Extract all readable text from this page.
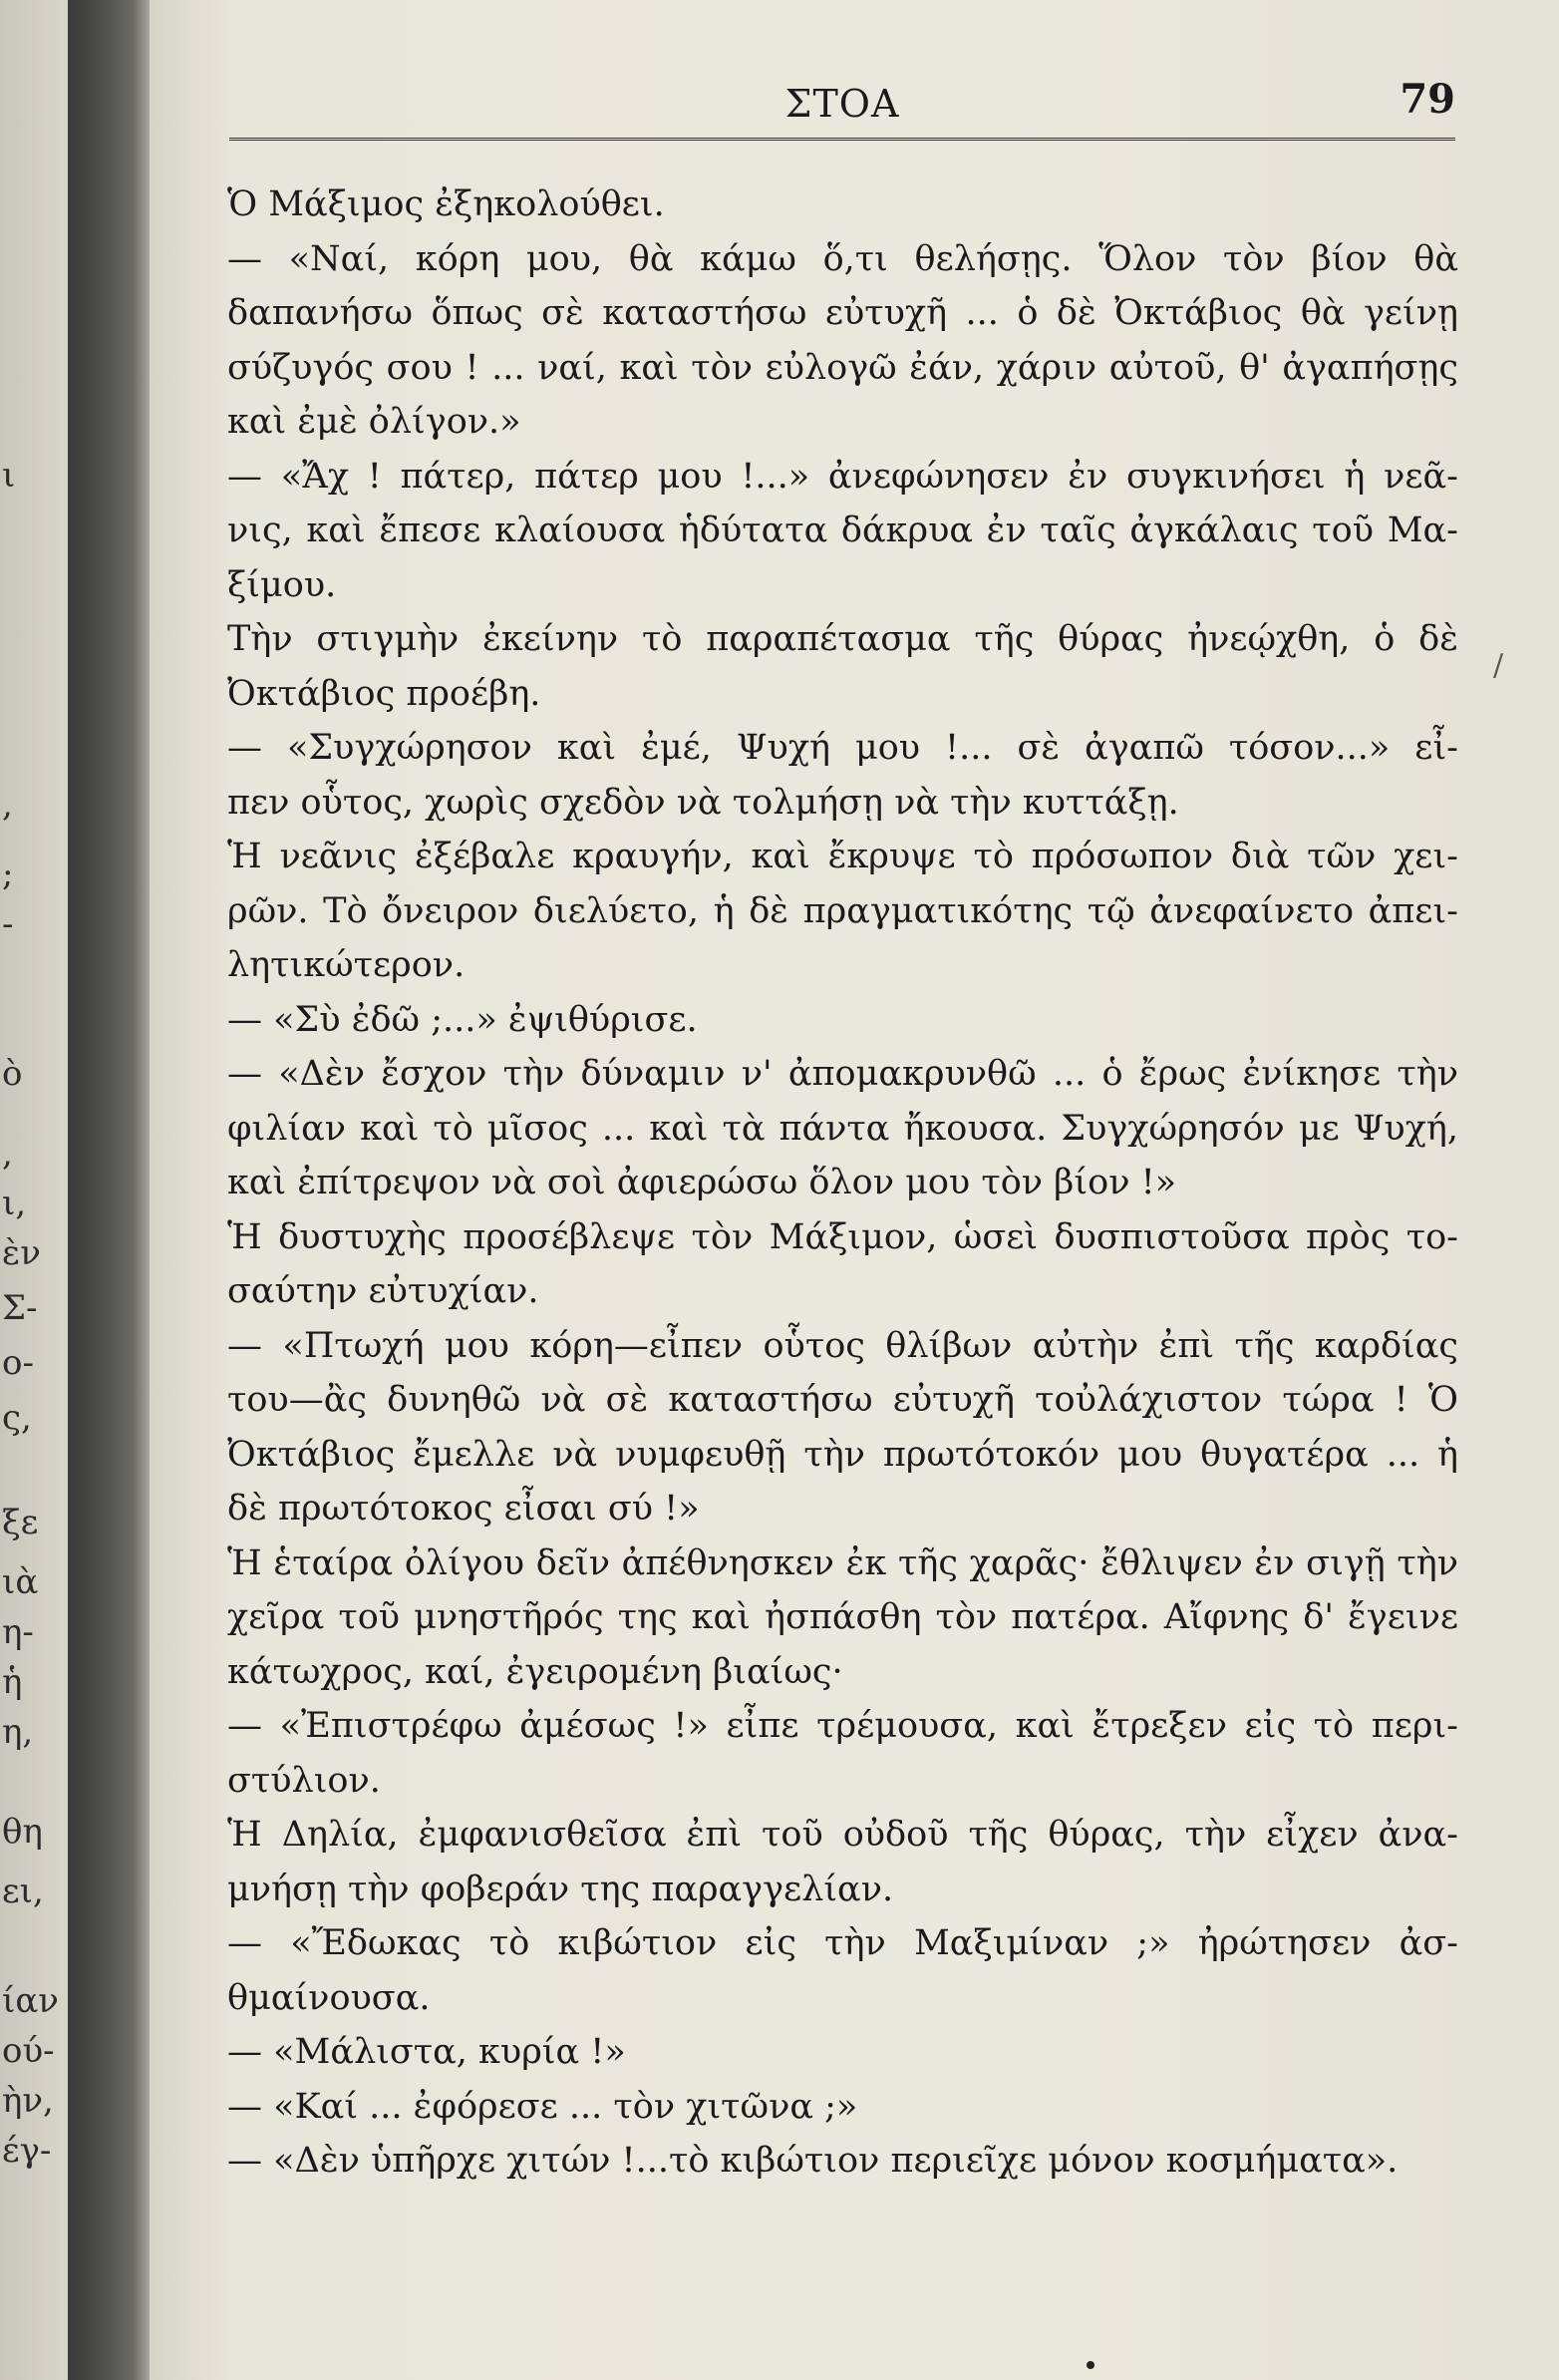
ι
,
;
-
ὸ
,
ι,
ὲν
Σ-
ο-
ς,
ξε
ιὰ
η-
ἡ
η,
θη
ει,
ίαν
ού-
ὴν,
έγ-
ΣΤΟΑ	79
Ὁ Μάξιμος ἐξηκολούθει.
— «Ναί, κόρη μου, θὰ κάμω ὅ,τι θελήσῃς. Ὅλον τὸν βίον θὰ
δαπανήσω ὅπως σὲ καταστήσω εὐτυχῆ ... ὁ δὲ Ὀκτάβιος θὰ γείνῃ
σύζυγός σου ! ... ναί, καὶ τὸν εὐλογῶ ἐάν, χάριν αὐτοῦ, θ' ἀγαπήσῃς
καὶ ἐμὲ ὀλίγον.»
— «Ἄχ ! πάτερ, πάτερ μου !...» ἀνεφώνησεν ἐν συγκινήσει ἡ νεᾶ-
νις, καὶ ἔπεσε κλαίουσα ἡδύτατα δάκρυα ἐν ταῖς ἀγκάλαις τοῦ Μα-
ξίμου.
Τὴν στιγμὴν ἐκείνην τὸ παραπέτασμα τῆς θύρας ἠνεῴχθη, ὁ δὲ
Ὀκτάβιος προέβη.
— «Συγχώρησον καὶ ἐμέ, Ψυχή μου !... σὲ ἀγαπῶ τόσον...» εἶ-
πεν οὗτος, χωρὶς σχεδὸν νὰ τολμήσῃ νὰ τὴν κυττάξῃ.
Ἡ νεᾶνις ἐξέβαλε κραυγήν, καὶ ἔκρυψε τὸ πρόσωπον διὰ τῶν χει-
ρῶν. Τὸ ὄνειρον διελύετο, ἡ δὲ πραγματικότης τῷ ἀνεφαίνετο ἀπει-
λητικώτερον.
— «Σὺ ἐδῶ ;...» ἐψιθύρισε.
— «Δὲν ἔσχον τὴν δύναμιν ν' ἀπομακρυνθῶ ... ὁ ἔρως ἐνίκησε τὴν
φιλίαν καὶ τὸ μῖσος ... καὶ τὰ πάντα ἤκουσα. Συγχώρησόν με Ψυχή,
καὶ ἐπίτρεψον νὰ σοὶ ἀφιερώσω ὅλον μου τὸν βίον !»
Ἡ δυστυχὴς προσέβλεψε τὸν Μάξιμον, ὡσεὶ δυσπιστοῦσα πρὸς το-
σαύτην εὐτυχίαν.
— «Πτωχή μου κόρη—εἶπεν οὗτος θλίβων αὐτὴν ἐπὶ τῆς καρδίας
του—ἂς δυνηθῶ νὰ σὲ καταστήσω εὐτυχῆ τοὐλάχιστον τώρα ! Ὁ
Ὀκτάβιος ἔμελλε νὰ νυμφευθῇ τὴν πρωτότοκόν μου θυγατέρα ... ἡ
δὲ πρωτότοκος εἶσαι σύ !»
Ἡ ἑταίρα ὀλίγου δεῖν ἀπέθνησκεν ἐκ τῆς χαρᾶς· ἔθλιψεν ἐν σιγῇ τὴν
χεῖρα τοῦ μνηστῆρός της καὶ ἠσπάσθη τὸν πατέρα. Αἴφνης δ' ἔγεινε
κάτωχρος, καί, ἐγειρομένη βιαίως·
— «Ἐπιστρέφω ἀμέσως !» εἶπε τρέμουσα, καὶ ἔτρεξεν εἰς τὸ περι-
στύλιον.
Ἡ Δηλία, ἐμφανισθεῖσα ἐπὶ τοῦ οὐδοῦ τῆς θύρας, τὴν εἶχεν ἀνα-
μνήσῃ τὴν φοβεράν της παραγγελίαν.
— «Ἔδωκας τὸ κιβώτιον εἰς τὴν Μαξιμίναν ;» ἠρώτησεν ἀσ-
θμαίνουσα.
— «Μάλιστα, κυρία !»
— «Καί ... ἐφόρεσε ... τὸν χιτῶνα ;»
— «Δὲν ὑπῆρχε χιτών !...τὸ κιβώτιον περιεῖχε μόνον κοσμήματα».
/
